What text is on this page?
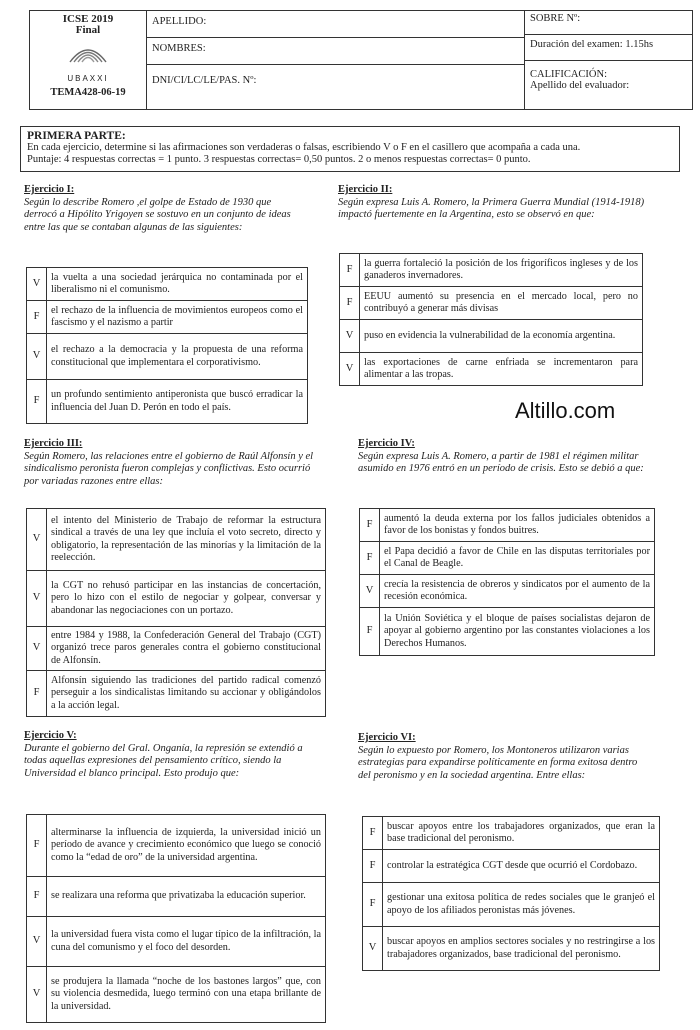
ICSE 2019
Final
UBAXXI
TEMA428-06-19
APELLIDO:
NOMBRES:
DNI/CI/LC/LE/PAS. Nº:
SOBRE Nº:
Duración del examen: 1.15hs
CALIFICACIÓN:
Apellido del evaluador:
PRIMERA PARTE:
En cada ejercicio, determine si las afirmaciones son verdaderas o falsas, escribiendo V o F en el casillero que acompaña a cada una.
Puntaje: 4 respuestas correctas = 1 punto. 3 respuestas correctas= 0,50 puntos. 2 o menos respuestas correctas= 0 punto.
Ejercicio I:
Según lo describe Romero ,el golpe de Estado de 1930 que derrocó a Hipólito Yrigoyen se sostuvo en un conjunto de ideas entre las que se contaban algunas de las siguientes:
V	la vuelta a una sociedad jerárquica no contaminada por el liberalismo ni el comunismo.
F	el rechazo de la influencia de movimientos europeos como el fascismo y el nazismo a partir
V	el rechazo a la democracia y la propuesta de una reforma constitucional que implementara el corporativismo.
F	un profundo sentimiento antiperonista que buscó erradicar la influencia del Juan D. Perón en todo el país.
Ejercicio II:
Según expresa Luis A. Romero, la Primera Guerra Mundial (1914-1918) impactó fuertemente en la Argentina, esto se observó en que:
F	la guerra fortaleció la posición de los frigoríficos ingleses y de los ganaderos invernadores.
F	EEUU aumentó su presencia en el mercado local, pero no contribuyó a generar más divisas
V	puso en evidencia la vulnerabilidad de la economía argentina.
V	las exportaciones de carne enfriada se incrementaron para alimentar a las tropas.
Altillo.com
Ejercicio III:
Según Romero, las relaciones entre el gobierno de Raúl Alfonsín y el sindicalismo peronista fueron complejas y conflictivas. Esto ocurrió por variadas razones entre ellas:
V	el intento del Ministerio de Trabajo de reformar la estructura sindical a través de una ley que incluía el voto secreto, directo y obligatorio, la representación de las minorías y la limitación de la reelección.
V	la CGT no rehusó participar en las instancias de concertación, pero lo hizo con el estilo de negociar y golpear, conversar y abandonar las negociaciones con un portazo.
V	entre 1984 y 1988, la Confederación General del Trabajo (CGT) organizó trece paros generales contra el gobierno constitucional de Alfonsín.
F	Alfonsín siguiendo las tradiciones del partido radical comenzó perseguir a los sindicalistas limitando su accionar y obligándolos a la acción legal.
Ejercicio IV:
Según expresa Luis A. Romero, a partir de 1981 el régimen militar asumido en 1976 entró en un período de crisis. Esto se debió a que:
F	aumentó la deuda externa por los fallos judiciales obtenidos a favor de los bonistas y fondos buitres.
F	el Papa decidió a favor de Chile en las disputas territoriales por el Canal de Beagle.
V	crecía la resistencia de obreros y sindicatos por el aumento de la recesión económica.
F	la Unión Soviética y el bloque de países socialistas dejaron de apoyar al gobierno argentino por las constantes violaciones a los Derechos Humanos.
Ejercicio V:
Durante el gobierno del Gral. Onganía, la represión se extendió a todas aquellas expresiones del pensamiento crítico, siendo la Universidad el blanco principal. Esto produjo que:
F	alterminarse la influencia de izquierda, la universidad inició un período de avance y crecimiento económico que luego se conoció como la “edad de oro” de la universidad argentina.
F	se realizara una reforma que privatizaba la educación superior.
V	la universidad fuera vista como el lugar típico de la infiltración, la cuna del comunismo y el foco del desorden.
V	se produjera la llamada “noche de los bastones largos” que, con su violencia desmedida, luego terminó con una etapa brillante de la universidad.
Ejercicio VI:
Según lo expuesto por Romero, los Montoneros utilizaron varias estrategias para expandirse políticamente en forma exitosa dentro del peronismo y en la sociedad argentina. Entre ellas:
F	buscar apoyos entre los trabajadores organizados, que eran la base tradicional del peronismo.
F	controlar la estratégica CGT desde que ocurrió el Cordobazo.
F	gestionar una exitosa política de redes sociales que le granjeó el apoyo de los afiliados peronistas más jóvenes.
V	buscar apoyos en amplios sectores sociales y no restringirse a los trabajadores organizados, base tradicional del peronismo.
